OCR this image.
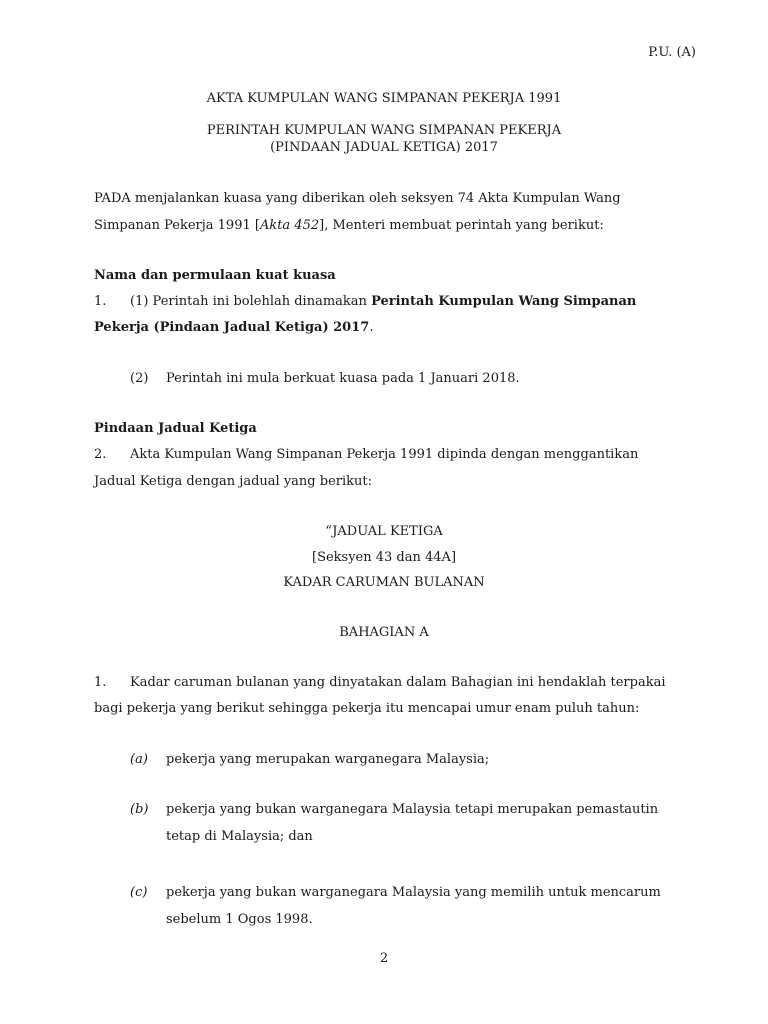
P.U. (A)
AKTA KUMPULAN WANG SIMPANAN PEKERJA 1991
PERINTAH KUMPULAN WANG SIMPANAN PEKERJA
(PINDAAN JADUAL KETIGA) 2017
PADA menjalankan kuasa yang diberikan oleh seksyen 74 Akta Kumpulan Wang
Simpanan Pekerja 1991 [Akta 452], Menteri membuat perintah yang berikut:
Nama dan permulaan kuat kuasa
1. (1) Perintah ini bolehlah dinamakan Perintah Kumpulan Wang Simpanan
Pekerja (Pindaan Jadual Ketiga) 2017.
(2) Perintah ini mula berkuat kuasa pada 1 Januari 2018.
Pindaan Jadual Ketiga
2. Akta Kumpulan Wang Simpanan Pekerja 1991 dipinda dengan menggantikan
Jadual Ketiga dengan jadual yang berikut:
“JADUAL KETIGA
[Seksyen 43 dan 44A]
KADAR CARUMAN BULANAN
BAHAGIAN A
1. Kadar caruman bulanan yang dinyatakan dalam Bahagian ini hendaklah terpakai
bagi pekerja yang berikut sehingga pekerja itu mencapai umur enam puluh tahun:
(a) pekerja yang merupakan warganegara Malaysia;
(b) pekerja yang bukan warganegara Malaysia tetapi merupakan pemastautin
tetap di Malaysia; dan
(c) pekerja yang bukan warganegara Malaysia yang memilih untuk mencarum
sebelum 1 Ogos 1998.
2
